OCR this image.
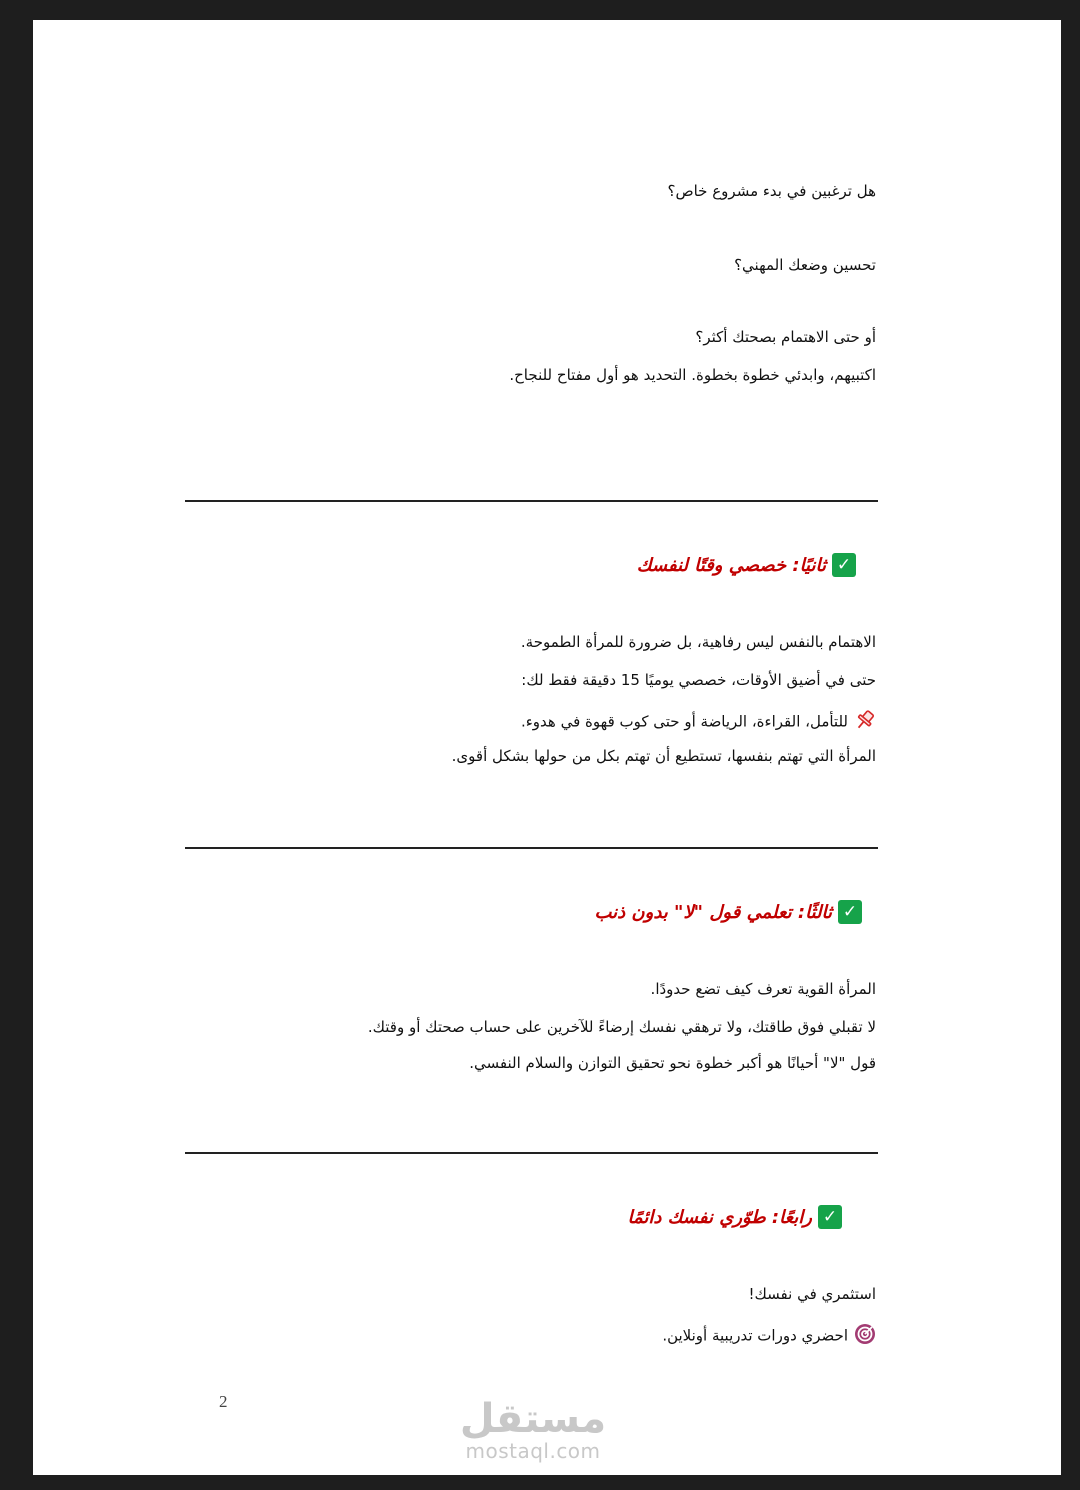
هل ترغبين في بدء مشروع خاص؟
تحسين وضعك المهني؟
أو حتى الاهتمام بصحتك أكثر؟
اكتبيهم، وابدئي خطوة بخطوة. التحديد هو أول مفتاح للنجاح.
✓
ثانيًا: خصصي وقتًا لنفسك
الاهتمام بالنفس ليس رفاهية، بل ضرورة للمرأة الطموحة.
حتى في أضيق الأوقات، خصصي يوميًا 15 دقيقة فقط لك:
للتأمل، القراءة، الرياضة أو حتى كوب قهوة في هدوء.
المرأة التي تهتم بنفسها، تستطيع أن تهتم بكل من حولها بشكل أقوى.
✓
ثالثًا: تعلمي قول "لا" بدون ذنب
المرأة القوية تعرف كيف تضع حدودًا.
لا تقبلي فوق طاقتك، ولا ترهقي نفسك إرضاءً للآخرين على حساب صحتك أو وقتك.
قول "لا" أحيانًا هو أكبر خطوة نحو تحقيق التوازن والسلام النفسي.
✓
رابعًا: طوّري نفسك دائمًا
استثمري في نفسك!
احضري دورات تدريبية أونلاين.
2	مستقل
mostaql.com
